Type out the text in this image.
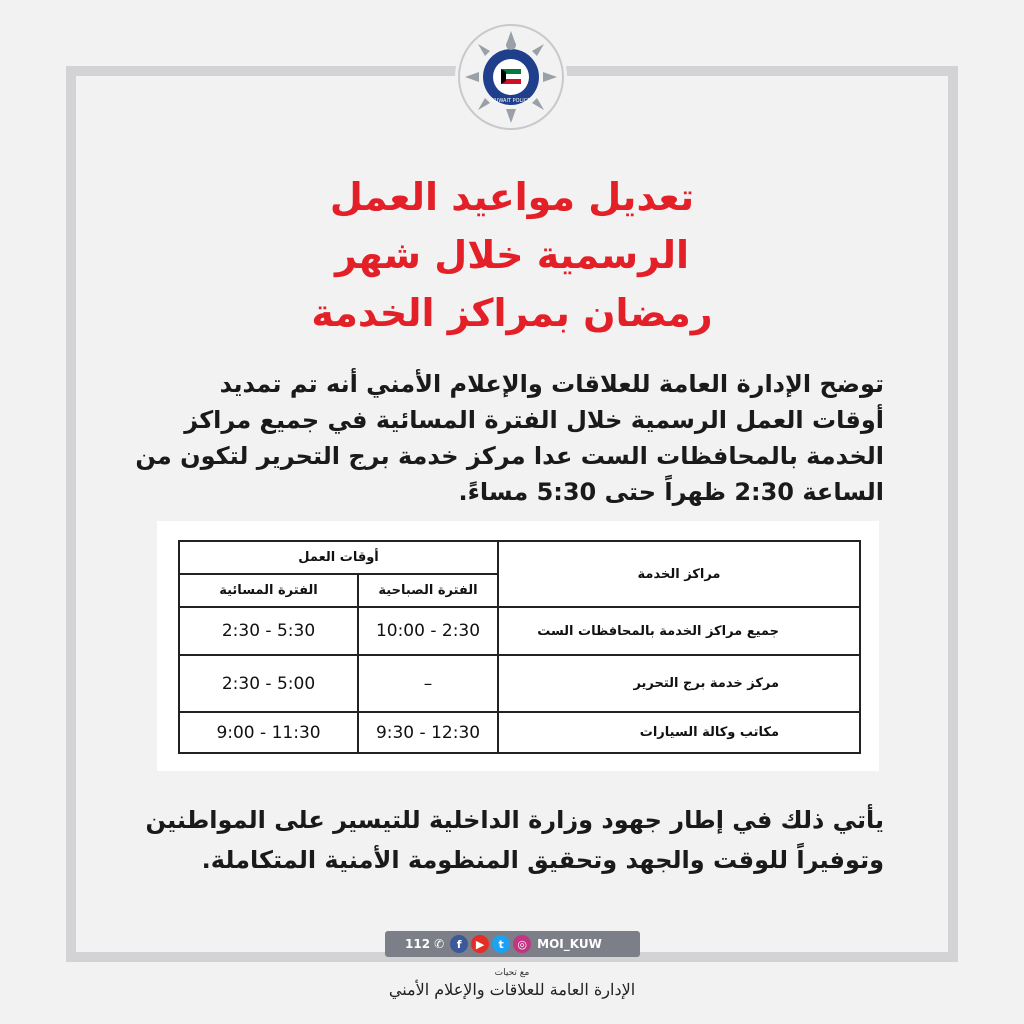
KUWAIT POLICE
تعديل مواعيد العمل
الرسمية خلال شهر
رمضان بمراكز الخدمة
توضح الإدارة العامة للعلاقات والإعلام الأمني أنه تم تمديد
أوقات العمل الرسمية خلال الفترة المسائية في جميع مراكز
الخدمة بالمحافظات الست عدا مركز خدمة برج التحرير لتكون من
الساعة 2:30 ظهراً حتى 5:30 مساءً.
مراكز الخدمة	أوقات العمل	
	الفترة الصباحية	الفترة المسائية
جميع مراكز الخدمة بالمحافظات الست	2:30 - 10:00	5:30 - 2:30
مركز خدمة برج التحرير	–	5:00 - 2:30
مكاتب وكالة السيارات	12:30 - 9:30	11:30 - 9:00
يأتي ذلك في إطار جهود وزارة الداخلية للتيسير على المواطنين
وتوفيراً للوقت والجهد وتحقيق المنظومة الأمنية المتكاملة.
112 ✆	f	▶	t	◎ MOI_KUW
مع تحيات
الإدارة العامة للعلاقات والإعلام الأمني
